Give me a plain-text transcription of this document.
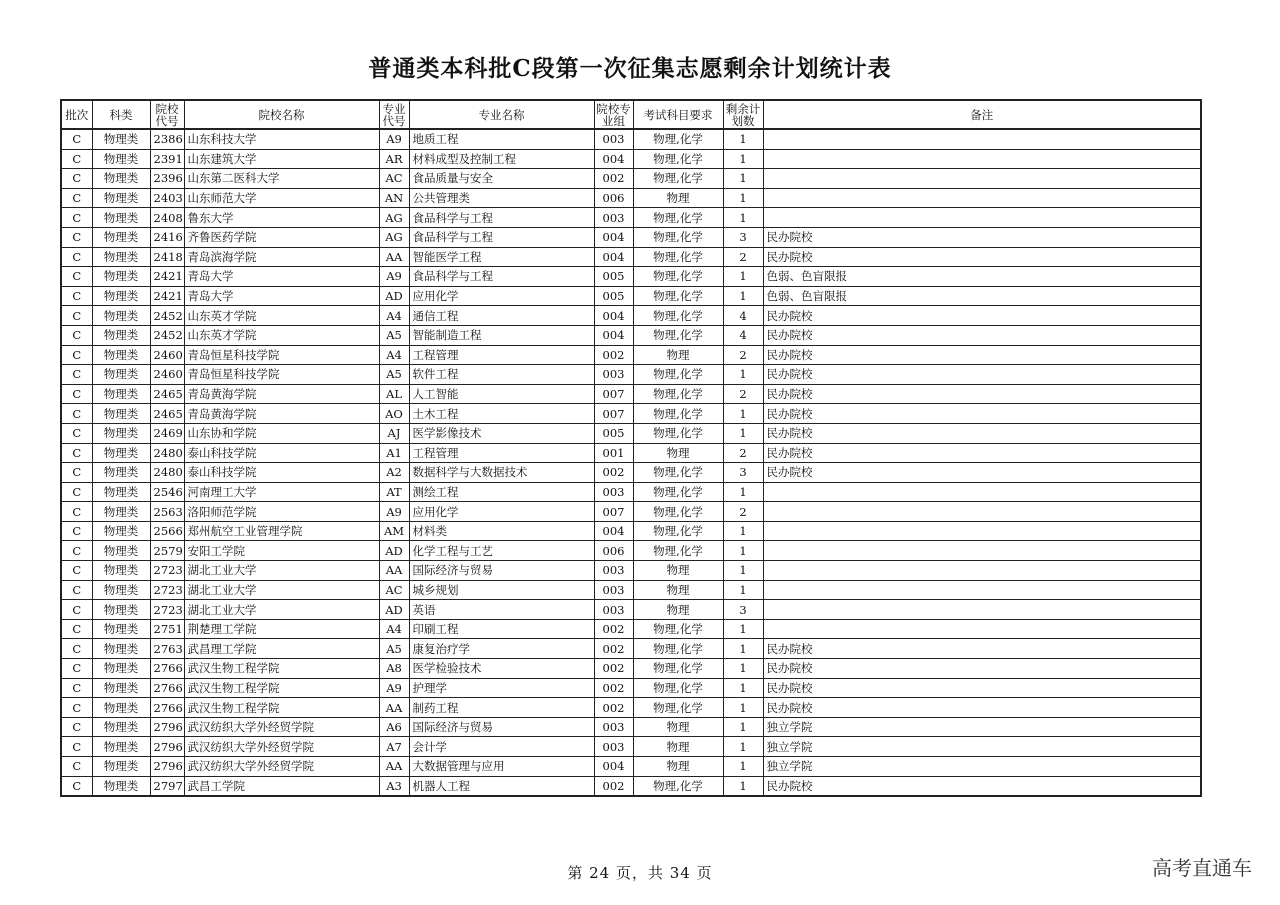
普通类本科批C段第一次征集志愿剩余计划统计表
批次	科类	院校代号	院校名称	专业代号	专业名称	院校专业组	考试科目要求	剩余计划数	备注
C	物理类	2386	山东科技大学	A9	地质工程	003	物理,化学	1	
C	物理类	2391	山东建筑大学	AR	材料成型及控制工程	004	物理,化学	1	
C	物理类	2396	山东第二医科大学	AC	食品质量与安全	002	物理,化学	1	
C	物理类	2403	山东师范大学	AN	公共管理类	006	物理	1	
C	物理类	2408	鲁东大学	AG	食品科学与工程	003	物理,化学	1	
C	物理类	2416	齐鲁医药学院	AG	食品科学与工程	004	物理,化学	3	民办院校
C	物理类	2418	青岛滨海学院	AA	智能医学工程	004	物理,化学	2	民办院校
C	物理类	2421	青岛大学	A9	食品科学与工程	005	物理,化学	1	色弱、色盲限报
C	物理类	2421	青岛大学	AD	应用化学	005	物理,化学	1	色弱、色盲限报
C	物理类	2452	山东英才学院	A4	通信工程	004	物理,化学	4	民办院校
C	物理类	2452	山东英才学院	A5	智能制造工程	004	物理,化学	4	民办院校
C	物理类	2460	青岛恒星科技学院	A4	工程管理	002	物理	2	民办院校
C	物理类	2460	青岛恒星科技学院	A5	软件工程	003	物理,化学	1	民办院校
C	物理类	2465	青岛黄海学院	AL	人工智能	007	物理,化学	2	民办院校
C	物理类	2465	青岛黄海学院	AO	土木工程	007	物理,化学	1	民办院校
C	物理类	2469	山东协和学院	AJ	医学影像技术	005	物理,化学	1	民办院校
C	物理类	2480	泰山科技学院	A1	工程管理	001	物理	2	民办院校
C	物理类	2480	泰山科技学院	A2	数据科学与大数据技术	002	物理,化学	3	民办院校
C	物理类	2546	河南理工大学	AT	测绘工程	003	物理,化学	1	
C	物理类	2563	洛阳师范学院	A9	应用化学	007	物理,化学	2	
C	物理类	2566	郑州航空工业管理学院	AM	材料类	004	物理,化学	1	
C	物理类	2579	安阳工学院	AD	化学工程与工艺	006	物理,化学	1	
C	物理类	2723	湖北工业大学	AA	国际经济与贸易	003	物理	1	
C	物理类	2723	湖北工业大学	AC	城乡规划	003	物理	1	
C	物理类	2723	湖北工业大学	AD	英语	003	物理	3	
C	物理类	2751	荆楚理工学院	A4	印刷工程	002	物理,化学	1	
C	物理类	2763	武昌理工学院	A5	康复治疗学	002	物理,化学	1	民办院校
C	物理类	2766	武汉生物工程学院	A8	医学检验技术	002	物理,化学	1	民办院校
C	物理类	2766	武汉生物工程学院	A9	护理学	002	物理,化学	1	民办院校
C	物理类	2766	武汉生物工程学院	AA	制药工程	002	物理,化学	1	民办院校
C	物理类	2796	武汉纺织大学外经贸学院	A6	国际经济与贸易	003	物理	1	独立学院
C	物理类	2796	武汉纺织大学外经贸学院	A7	会计学	003	物理	1	独立学院
C	物理类	2796	武汉纺织大学外经贸学院	AA	大数据管理与应用	004	物理	1	独立学院
C	物理类	2797	武昌工学院	A3	机器人工程	002	物理,化学	1	民办院校
第 24 页，共 34 页	高考直通车
